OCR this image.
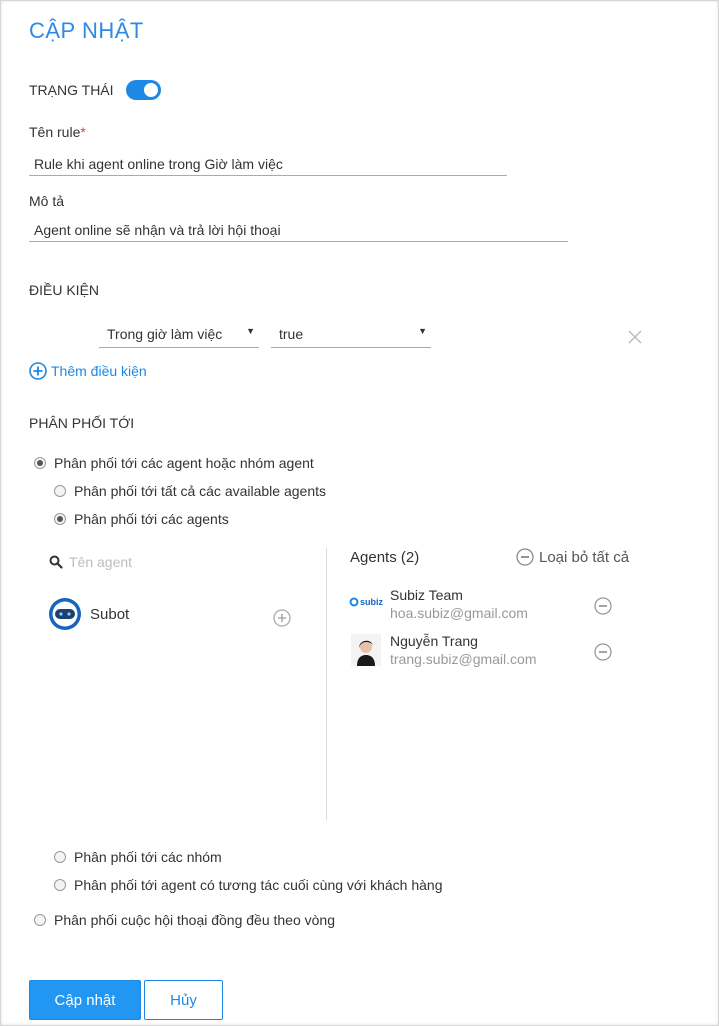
CẬP NHẬT
TRẠNG THÁI
Tên rule*
Rule khi agent online trong Giờ làm việc
Mô tả
Agent online sẽ nhận và trả lời hội thoại
ĐIỀU KIỆN
Trong giờ làm việc	▼	true	▼
Thêm điều kiện
PHÂN PHỐI TỚI
Phân phối tới các agent hoặc nhóm agent
Phân phối tới tất cả các available agents
Phân phối tới các agents
Tên agent
Subot
Agents (2)	Loại bỏ tất cả
subiz Subiz Team
hoa.subiz@gmail.com
Nguyễn Trang
trang.subiz@gmail.com
Phân phối tới các nhóm
Phân phối tới agent có tương tác cuối cùng với khách hàng
Phân phối cuộc hội thoại đồng đều theo vòng
Cập nhật	Hủy
